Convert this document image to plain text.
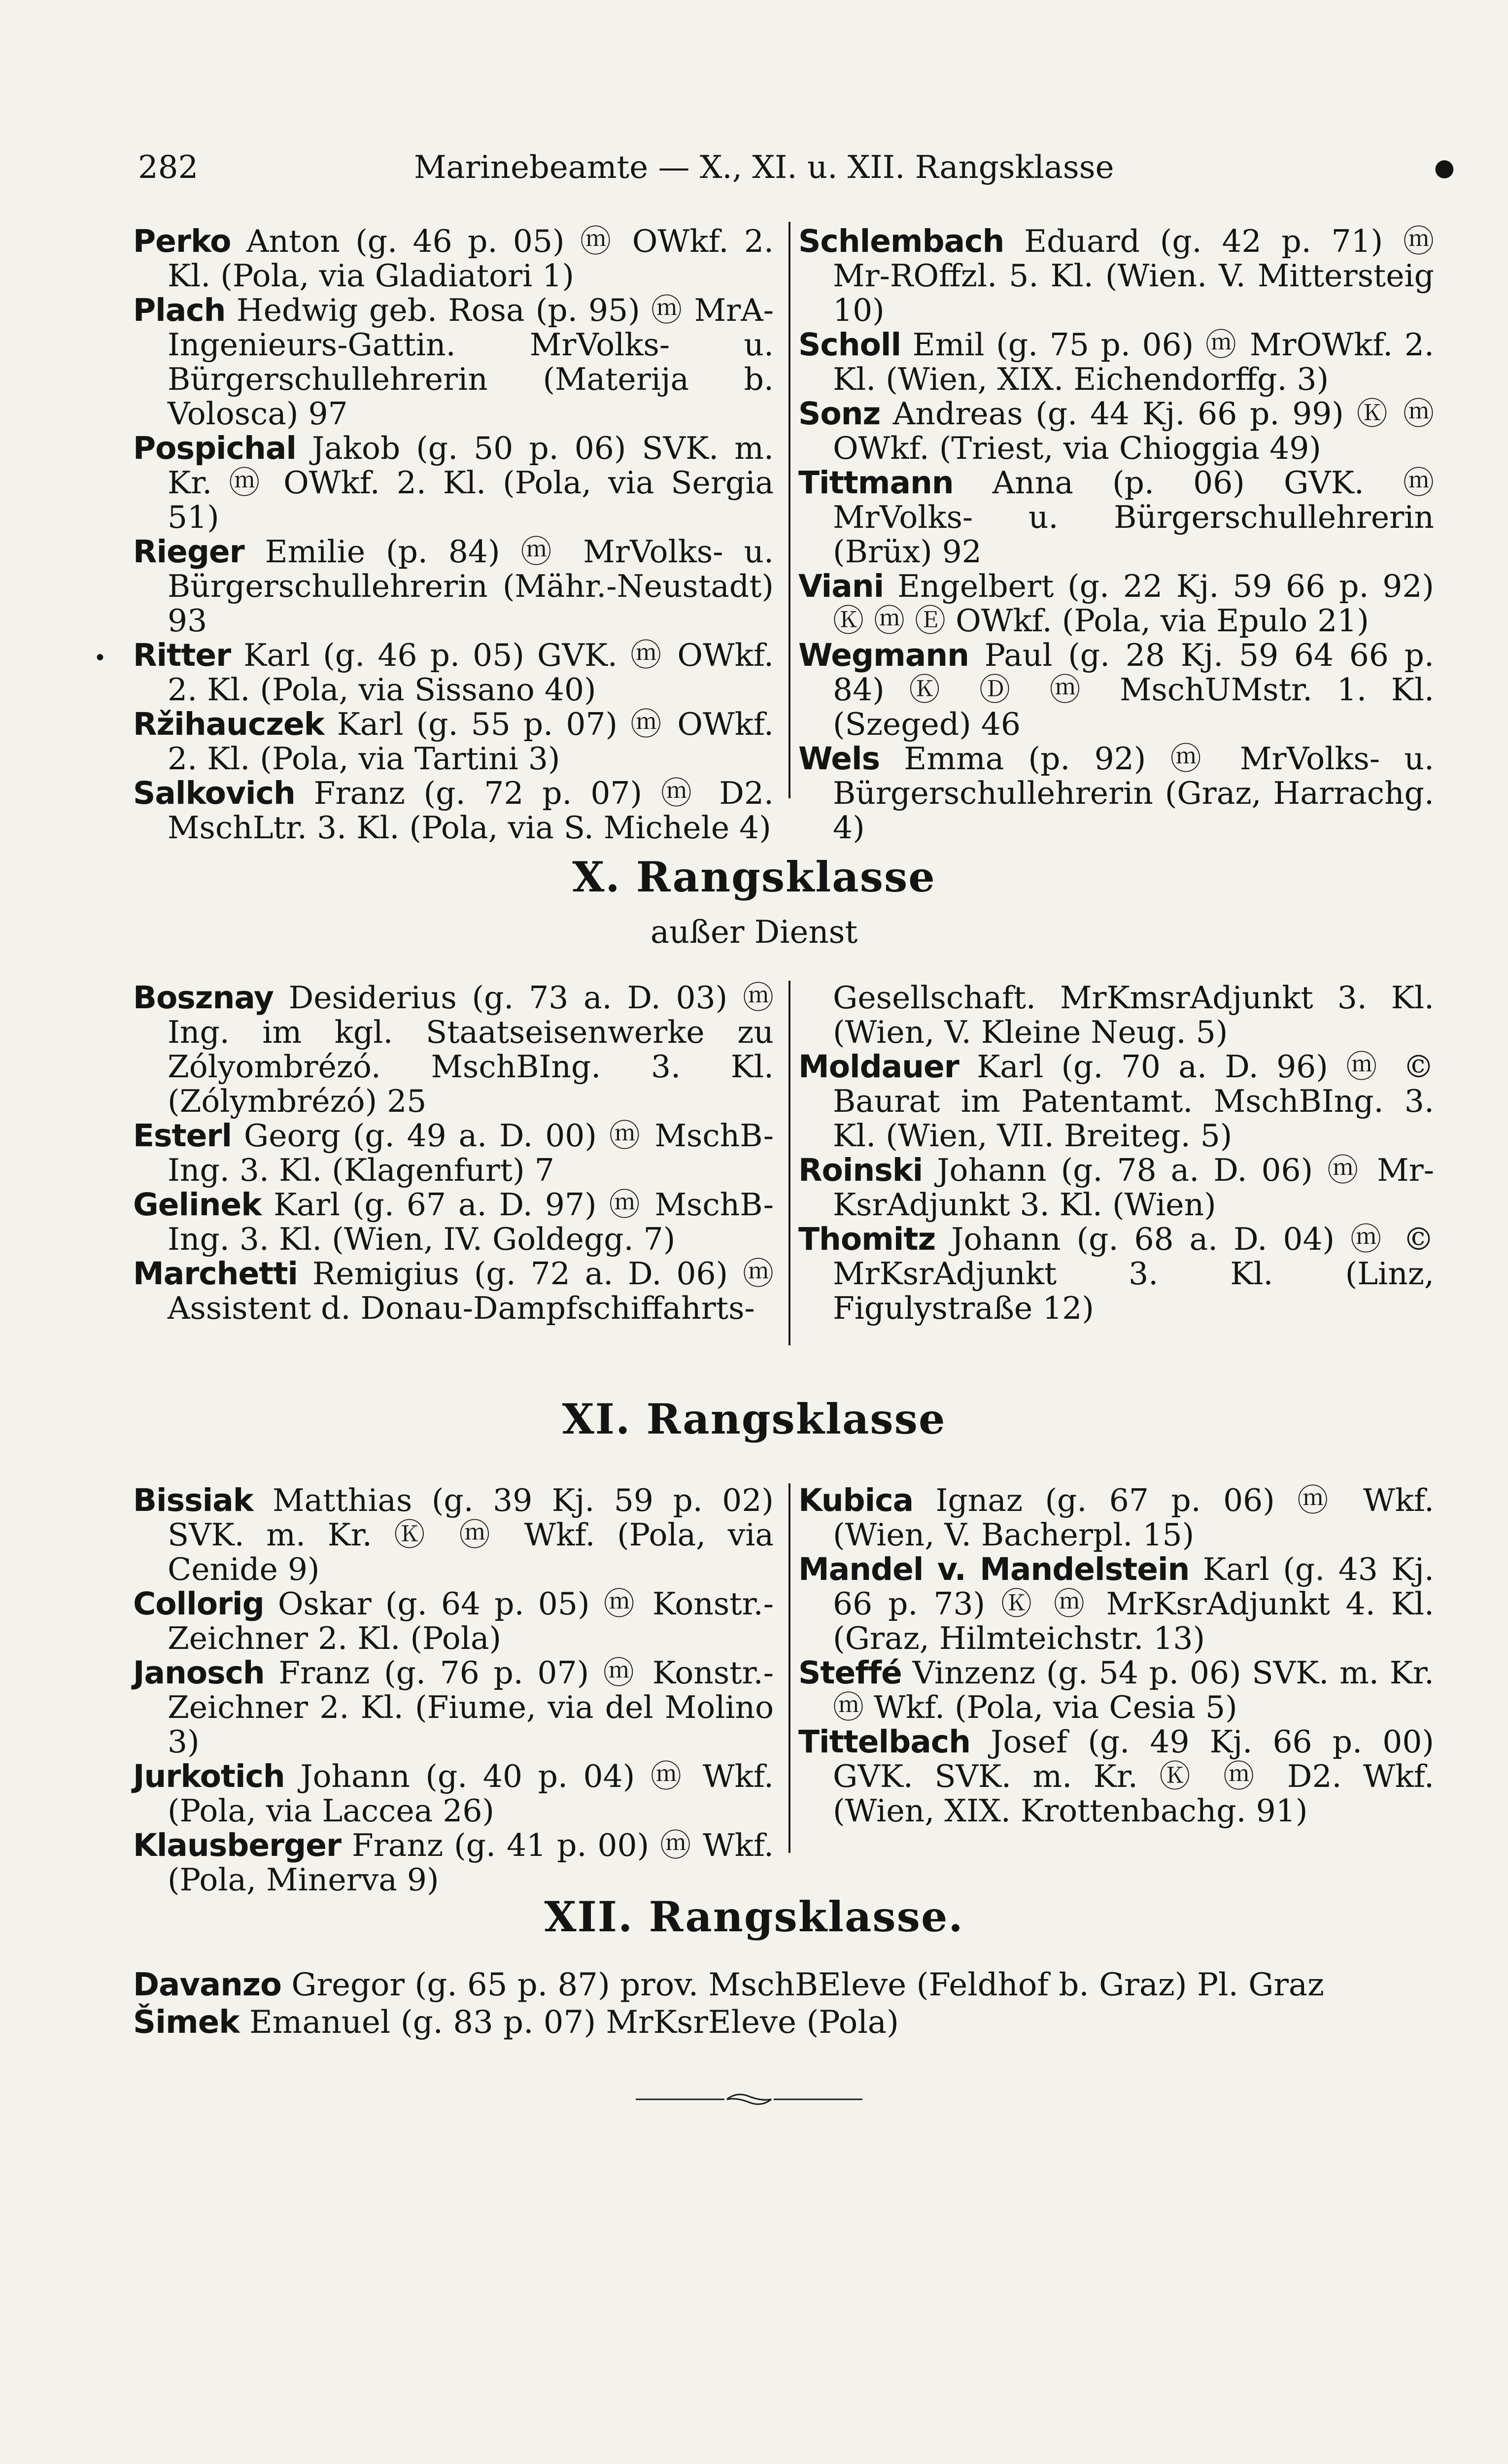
282	Marinebeamte — X., XI. u. XII. Rangsklasse	●

Perko Anton (g. 46 p. 05) ⓜ OWkf. 2. Kl. (Pola, via Gladiatori 1)

Plach Hedwig geb. Rosa (p. 95) ⓜ MrA-Ingenieurs-Gattin. MrVolks- u. Bürgerschullehrerin (Materija b. Volosca) 97

Pospichal Jakob (g. 50 p. 06) SVK. m. Kr. ⓜ OWkf. 2. Kl. (Pola, via Sergia 51)

Rieger Emilie (p. 84) ⓜ MrVolks- u. Bürgerschullehrerin (Mähr.-Neustadt) 93

Ritter Karl (g. 46 p. 05) GVK. ⓜ OWkf. 2. Kl. (Pola, via Sissano 40)

Ržihauczek Karl (g. 55 p. 07) ⓜ OWkf. 2. Kl. (Pola, via Tartini 3)

Salkovich Franz (g. 72 p. 07) ⓜ D2. MschLtr. 3. Kl. (Pola, via S. Michele 4)

•

Schlembach Eduard (g. 42 p. 71) ⓜ Mr-ROffzl. 5. Kl. (Wien. V. Mittersteig 10)

Scholl Emil (g. 75 p. 06) ⓜ MrOWkf. 2. Kl. (Wien, XIX. Eichendorffg. 3)

Sonz Andreas (g. 44 Kj. 66 p. 99) Ⓚ ⓜ OWkf. (Triest, via Chioggia 49)

Tittmann Anna (p. 06) GVK. ⓜ MrVolks- u. Bürgerschullehrerin (Brüx) 92

Viani Engelbert (g. 22 Kj. 59 66 p. 92) Ⓚ ⓜ Ⓔ OWkf. (Pola, via Epulo 21)

Wegmann Paul (g. 28 Kj. 59 64 66 p. 84) Ⓚ Ⓓ ⓜ MschUMstr. 1. Kl. (Szeged) 46

Wels Emma (p. 92) ⓜ MrVolks- u. Bürgerschullehrerin (Graz, Harrachg. 4)

X. Rangsklasse
außer Dienst

Bosznay Desiderius (g. 73 a. D. 03) ⓜ Ing. im kgl. Staatseisenwerke zu Zólyombrézó. MschBIng. 3. Kl. (Zólymbrézó) 25

Esterl Georg (g. 49 a. D. 00) ⓜ MschB-Ing. 3. Kl. (Klagenfurt) 7

Gelinek Karl (g. 67 a. D. 97) ⓜ MschB-Ing. 3. Kl. (Wien, IV. Goldegg. 7)

Marchetti Remigius (g. 72 a. D. 06) ⓜ Assistent d. Donau-Dampfschiffahrts-

Gesellschaft. MrKmsrAdjunkt 3. Kl. (Wien, V. Kleine Neug. 5)

Moldauer Karl (g. 70 a. D. 96) ⓜ © Baurat im Patentamt. MschBIng. 3. Kl. (Wien, VII. Breiteg. 5)

Roinski Johann (g. 78 a. D. 06) ⓜ Mr-KsrAdjunkt 3. Kl. (Wien)

Thomitz Johann (g. 68 a. D. 04) ⓜ © MrKsrAdjunkt 3. Kl. (Linz, Figulystraße 12)

XI. Rangsklasse

Bissiak Matthias (g. 39 Kj. 59 p. 02) SVK. m. Kr. Ⓚ ⓜ Wkf. (Pola, via Cenide 9)

Collorig Oskar (g. 64 p. 05) ⓜ Konstr.-Zeichner 2. Kl. (Pola)

Janosch Franz (g. 76 p. 07) ⓜ Konstr.-Zeichner 2. Kl. (Fiume, via del Molino 3)

Jurkotich Johann (g. 40 p. 04) ⓜ Wkf. (Pola, via Laccea 26)

Klausberger Franz (g. 41 p. 00) ⓜ Wkf. (Pola, Minerva 9)

Kubica Ignaz (g. 67 p. 06) ⓜ Wkf. (Wien, V. Bacherpl. 15)

Mandel v. Mandelstein Karl (g. 43 Kj. 66 p. 73) Ⓚ ⓜ MrKsrAdjunkt 4. Kl. (Graz, Hilmteichstr. 13)

Steffé Vinzenz (g. 54 p. 06) SVK. m. Kr. ⓜ Wkf. (Pola, via Cesia 5)

Tittelbach Josef (g. 49 Kj. 66 p. 00) GVK. SVK. m. Kr. Ⓚ ⓜ D2. Wkf. (Wien, XIX. Krottenbachg. 91)

XII. Rangsklasse.

Davanzo Gregor (g. 65 p. 87) prov. MschBEleve (Feldhof b. Graz) Pl. Graz

Šimek Emanuel (g. 83 p. 07) MrKsrEleve (Pola)
